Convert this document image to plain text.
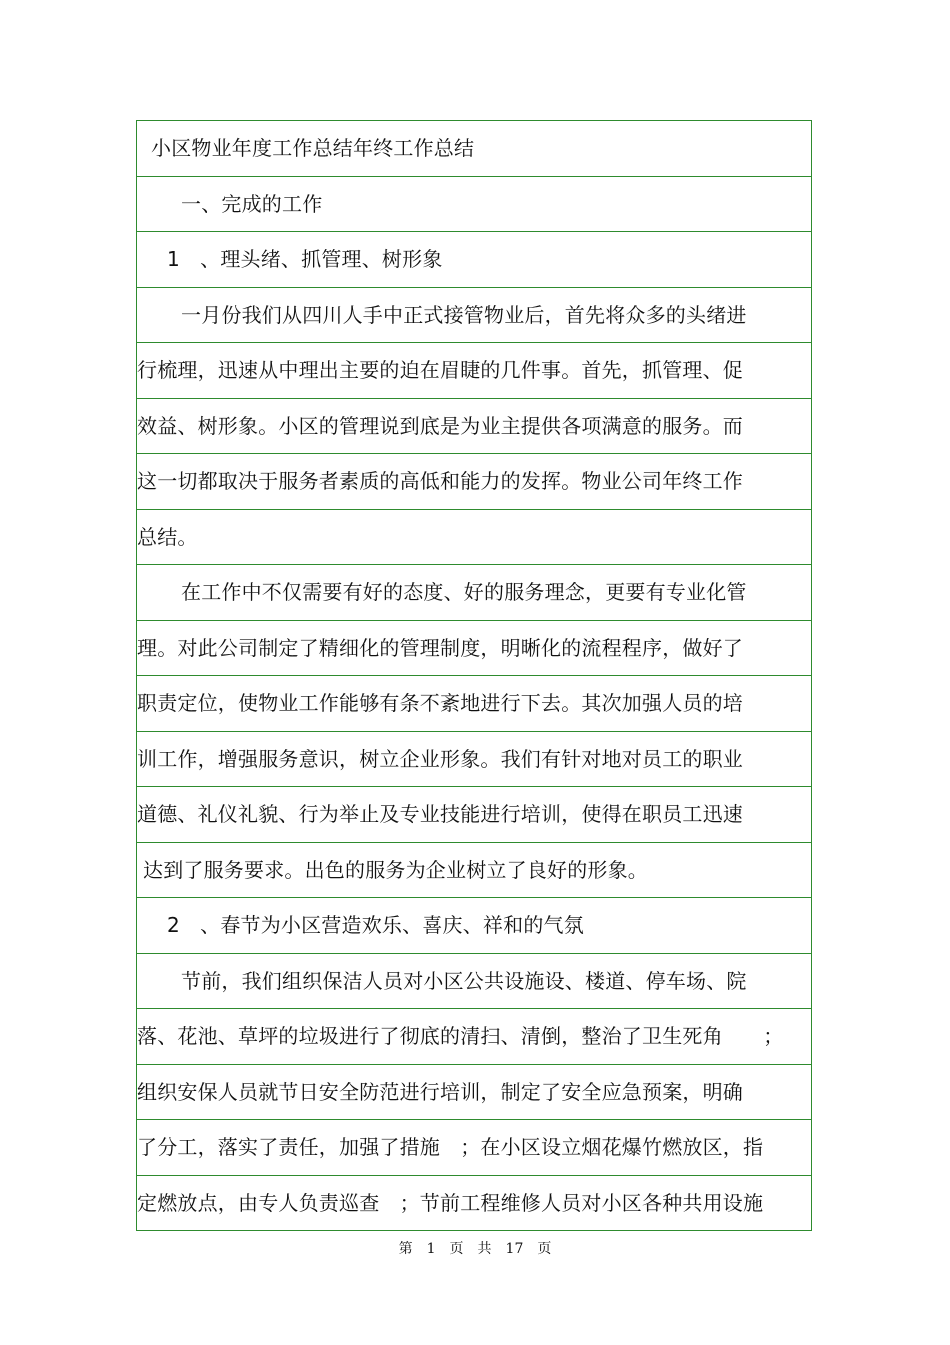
小区物业年度工作总结年终工作总结
一、完成的工作
1　、理头绪、抓管理、树形象
一月份我们从四川人手中正式接管物业后，首先将众多的头绪进
行梳理，迅速从中理出主要的迫在眉睫的几件事。首先，抓管理、促
效益、树形象。小区的管理说到底是为业主提供各项满意的服务。而
这一切都取决于服务者素质的高低和能力的发挥。物业公司年终工作
总结。
在工作中不仅需要有好的态度、好的服务理念，更要有专业化管
理。对此公司制定了精细化的管理制度，明晰化的流程程序，做好了
职责定位，使物业工作能够有条不紊地进行下去。其次加强人员的培
训工作，增强服务意识，树立企业形象。我们有针对地对员工的职业
道德、礼仪礼貌、行为举止及专业技能进行培训，使得在职员工迅速
达到了服务要求。出色的服务为企业树立了良好的形象。
2　、春节为小区营造欢乐、喜庆、祥和的气氛
节前，我们组织保洁人员对小区公共设施设、楼道、停车场、院
落、花池、草坪的垃圾进行了彻底的清扫、清倒，整治了卫生死角　　；
组织安保人员就节日安全防范进行培训，制定了安全应急预案，明确
了分工，落实了责任，加强了措施　；在小区设立烟花爆竹燃放区，指
定燃放点，由专人负责巡查　；节前工程维修人员对小区各种共用设施
第　1　页　共　17　页
